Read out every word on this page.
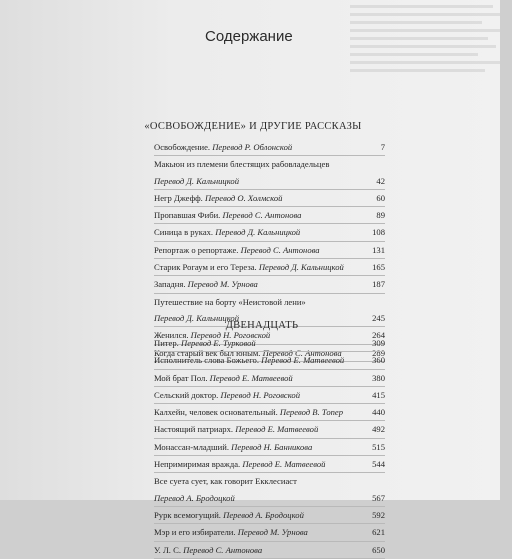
Содержание
«ОСВОБОЖДЕНИЕ» И ДРУГИЕ РАССКАЗЫ
Освобождение. Перевод Р. Облонской	7
Макьюн из племени блестящих рабовладельцев
Перевод Д. Кальницкой	42
Негр Джефф. Перевод О. Холмской	60
Пропавшая Фиби. Перевод С. Антонова	89
Синица в руках. Перевод Д. Кальницкой	108
Репортаж о репортаже. Перевод С. Антонова	131
Старик Рогаум и его Тереза. Перевод Д. Кальницкой	165
Западня. Перевод М. Урнова	187
Путешествие на борту «Неистовой лени»
Перевод Д. Кальницкой	245
Женился. Перевод Н. Роговской	264
Когда старый век был юным. Перевод С. Антонова	289
ДВЕНАДЦАТЬ
Питер. Перевод Е. Турковой	309
Исполнитель слова Божьего. Перевод Е. Матвеевой	360
Мой брат Пол. Перевод Е. Матвеевой	380
Сельский доктор. Перевод Н. Роговской	415
Калхейн, человек основательный. Перевод В. Топер	440
Настоящий патриарх. Перевод Е. Матвеевой	492
Монассан-младший. Перевод Н. Банникова	515
Непримиримая вражда. Перевод Е. Матвеевой	544
Все суета сует, как говорит Екклесиаст
Перевод А. Бродоцкой	567
Рурк всемогущий. Перевод А. Бродоцкой	592
Мэр и его избиратели. Перевод М. Урнова	621
У. Л. С. Перевод С. Антонова	650
